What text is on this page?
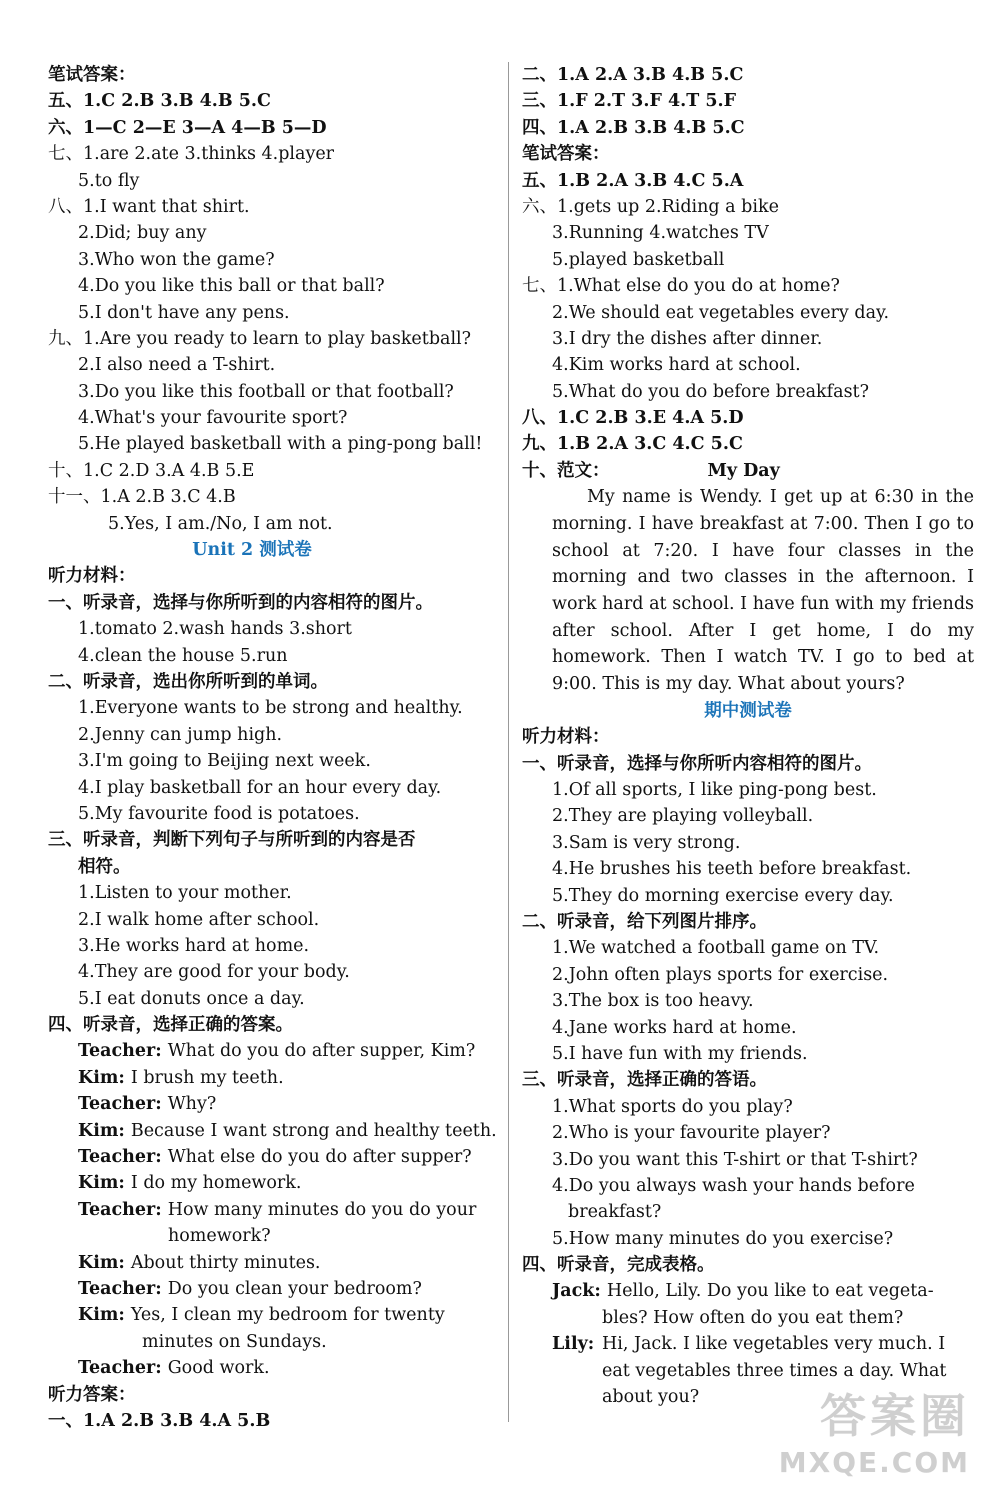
笔试答案：
五、1.C 2.B 3.B 4.B 5.C
六、1—C 2—E 3—A 4—B 5—D
七、1.are 2.ate 3.thinks 4.player
5.to fly
八、1.I want that shirt.
2.Did; buy any
3.Who won the game?
4.Do you like this ball or that ball?
5.I don't have any pens.
九、1.Are you ready to learn to play basketball?
2.I also need a T-shirt.
3.Do you like this football or that football?
4.What's your favourite sport?
5.He played basketball with a ping-pong ball!
十、1.C 2.D 3.A 4.B 5.E
十一、1.A 2.B 3.C 4.B
5.Yes, I am./No, I am not.
Unit 2 测试卷
听力材料：
一、听录音，选择与你所听到的内容相符的图片。
1.tomato 2.wash hands 3.short
4.clean the house 5.run
二、听录音，选出你所听到的单词。
1.Everyone wants to be strong and healthy.
2.Jenny can jump high.
3.I'm going to Beijing next week.
4.I play basketball for an hour every day.
5.My favourite food is potatoes.
三、听录音，判断下列句子与所听到的内容是否
相符。
1.Listen to your mother.
2.I walk home after school.
3.He works hard at home.
4.They are good for your body.
5.I eat donuts once a day.
四、听录音，选择正确的答案。
Teacher: What do you do after supper, Kim?
Kim: I brush my teeth.
Teacher: Why?
Kim: Because I want strong and healthy teeth.
Teacher: What else do you do after supper?
Kim: I do my homework.
Teacher: How many minutes do you do your
homework?
Kim: About thirty minutes.
Teacher: Do you clean your bedroom?
Kim: Yes, I clean my bedroom for twenty
minutes on Sundays.
Teacher: Good work.
听力答案：
一、1.A 2.B 3.B 4.A 5.B
二、1.A 2.A 3.B 4.B 5.C
三、1.F 2.T 3.F 4.T 5.F
四、1.A 2.B 3.B 4.B 5.C
笔试答案：
五、1.B 2.A 3.B 4.C 5.A
六、1.gets up 2.Riding a bike
3.Running 4.watches TV
5.played basketball
七、1.What else do you do at home?
2.We should eat vegetables every day.
3.I dry the dishes after dinner.
4.Kim works hard at school.
5.What do you do before breakfast?
八、1.C 2.B 3.E 4.A 5.D
九、1.B 2.A 3.C 4.C 5.C
十、范文：	My Day

My name is Wendy. I get up at 6:30 in the morning. I have breakfast at 7:00. Then I go to school at 7:20. I have four classes in the morning and two classes in the afternoon. I work hard at school. I have fun with my friends after school. After I get home, I do my homework. Then I watch TV. I go to bed at 9:00. This is my day. What about yours?

期中测试卷
听力材料：
一、听录音，选择与你所听内容相符的图片。
1.Of all sports, I like ping-pong best.
2.They are playing volleyball.
3.Sam is very strong.
4.He brushes his teeth before breakfast.
5.They do morning exercise every day.
二、听录音，给下列图片排序。
1.We watched a football game on TV.
2.John often plays sports for exercise.
3.The box is too heavy.
4.Jane works hard at home.
5.I have fun with my friends.
三、听录音，选择正确的答语。
1.What sports do you play?
2.Who is your favourite player?
3.Do you want this T-shirt or that T-shirt?
4.Do you always wash your hands before
breakfast?
5.How many minutes do you exercise?
四、听录音，完成表格。
Jack: Hello, Lily. Do you like to eat vegeta-
bles? How often do you eat them?
Lily: Hi, Jack. I like vegetables very much. I
eat vegetables three times a day. What
about you?	答案圈
MXQE.COM
